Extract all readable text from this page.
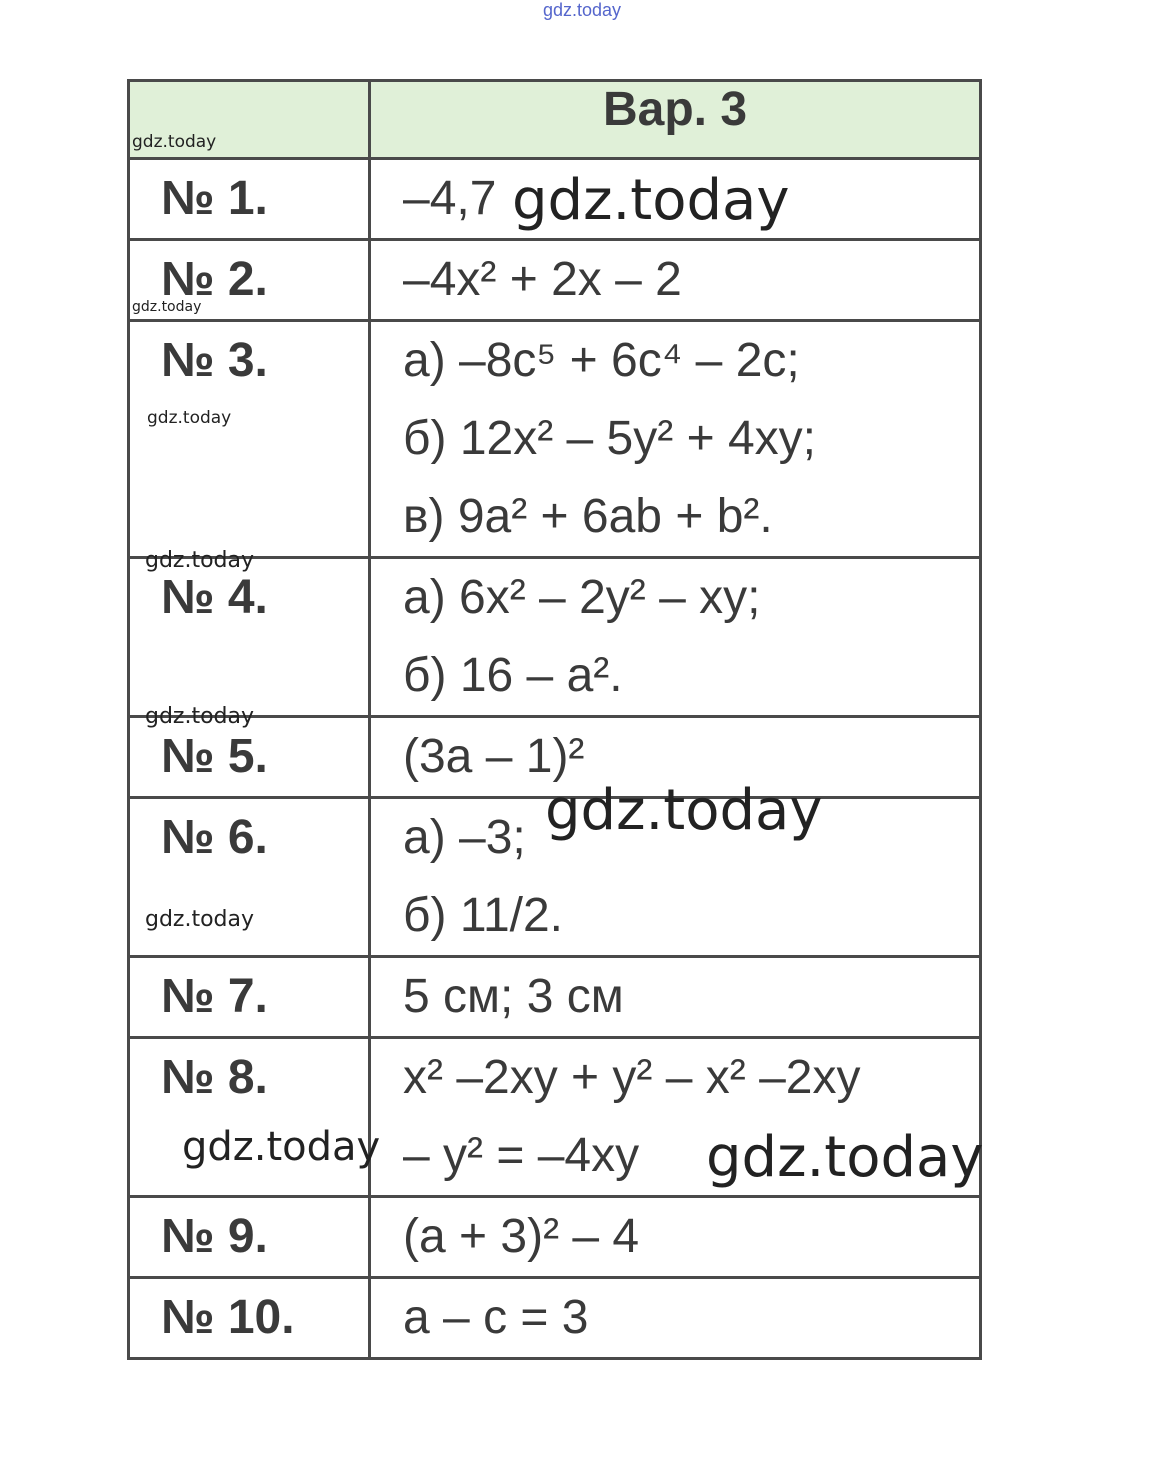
gdz.today
	Вар. 3
№ 1.	–4,7

№ 2.	–4x² + 2x – 2

№ 3.	а) –8c⁵ + 6c⁴ – 2c;
б) 12x² – 5y² + 4xy;
в) 9a² + 6ab + b².

№ 4.	а) 6x² – 2y² – xy;
б) 16 – a².

№ 5.	(3a – 1)²

№ 6.	а) –3;
б) 11/2.

№ 7.	5 см; 3 см

№ 8.	x² –2xy + y² – x² –2xy
– y² = –4xy

№ 9.	(a + 3)² – 4

№ 10.	a – c = 3
gdz.today
gdz.today
gdz.today
gdz.today
gdz.today
gdz.today
gdz.today
gdz.today
gdz.today	gdz.today
